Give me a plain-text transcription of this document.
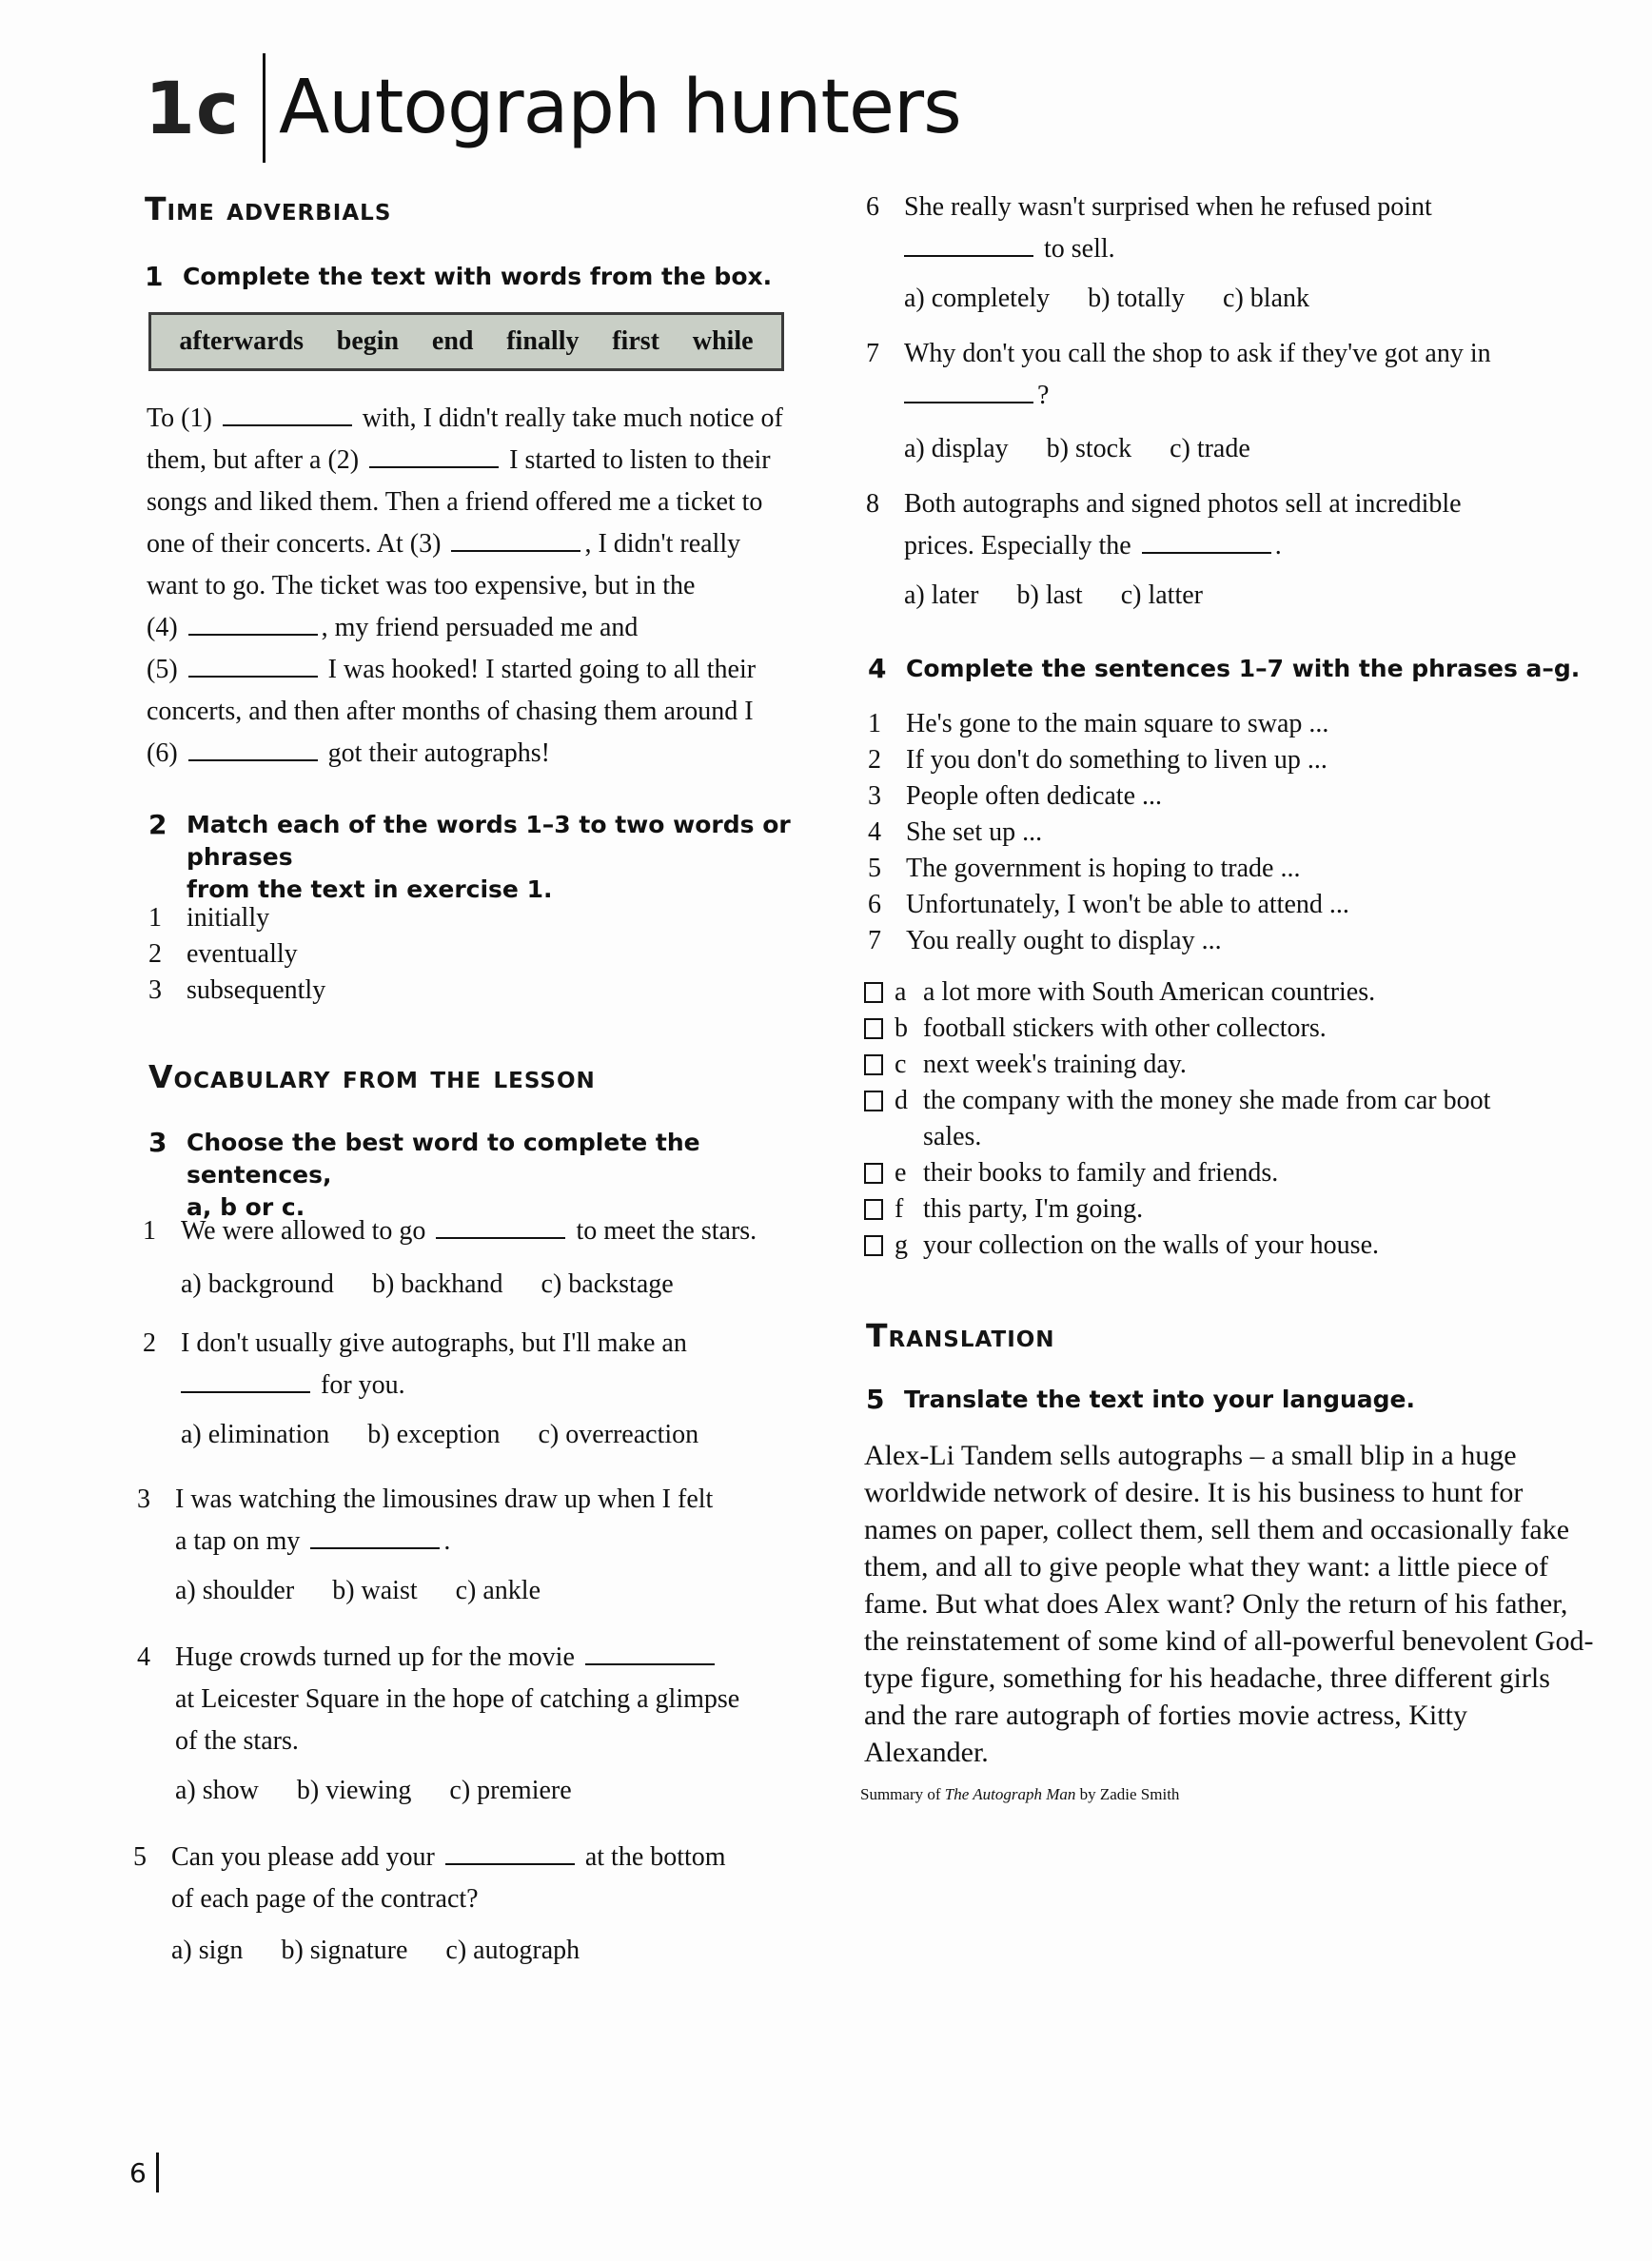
1c Autograph hunters
Time adverbials
1 Complete the text with words from the box.
afterwards begin end finally first while
To (1)	with, I didn't really take much notice of
them, but after a (2)	I started to listen to their
songs and liked them. Then a friend offered me a ticket to
one of their concerts. At (3)	, I didn't really
want to go. The ticket was too expensive, but in the
(4)	, my friend persuaded me and
(5)	I was hooked! I started going to all their
concerts, and then after months of chasing them around I
(6)	got their autographs!
2 Match each of the words 1–3 to two words or phrases
from the text in exercise 1.
1 initially
2 eventually
3 subsequently
Vocabulary from the lesson
3 Choose the best word to complete the sentences,
a, b or c.
1 We were allowed to go	to meet the stars.
a) background b) backhand c) backstage
2 I don't usually give autographs, but I'll make an
for you.
a) elimination b) exception c) overreaction
3 I was watching the limousines draw up when I felt
a tap on my	.
a) shoulder b) waist c) ankle
4 Huge crowds turned up for the movie
at Leicester Square in the hope of catching a glimpse
of the stars.
a) show b) viewing c) premiere
5 Can you please add your	at the bottom
of each page of the contract?
a) sign b) signature c) autograph
6 She really wasn't surprised when he refused point
to sell.
a) completely b) totally c) blank
7 Why don't you call the shop to ask if they've got any in
?
a) display b) stock c) trade
8 Both autographs and signed photos sell at incredible
prices. Especially the	.
a) later b) last c) latter
4 Complete the sentences 1–7 with the phrases a–g.
1 He's gone to the main square to swap ...
2 If you don't do something to liven up ...
3 People often dedicate ...
4 She set up ...
5 The government is hoping to trade ...
6 Unfortunately, I won't be able to attend ...
7 You really ought to display ...
a a lot more with South American countries.
b football stickers with other collectors.
c next week's training day.
d the company with the money she made from car boot sales.
e their books to family and friends.
f this party, I'm going.
g your collection on the walls of your house.
Translation
5 Translate the text into your language.
Alex-Li Tandem sells autographs – a small blip in a huge worldwide network of desire. It is his business to hunt for names on paper, collect them, sell them and occasionally fake them, and all to give people what they want: a little piece of fame. But what does Alex want? Only the return of his father, the reinstatement of some kind of all-powerful benevolent God-type figure, something for his headache, three different girls and the rare autograph of forties movie actress, Kitty Alexander.
Summary of The Autograph Man by Zadie Smith
6
